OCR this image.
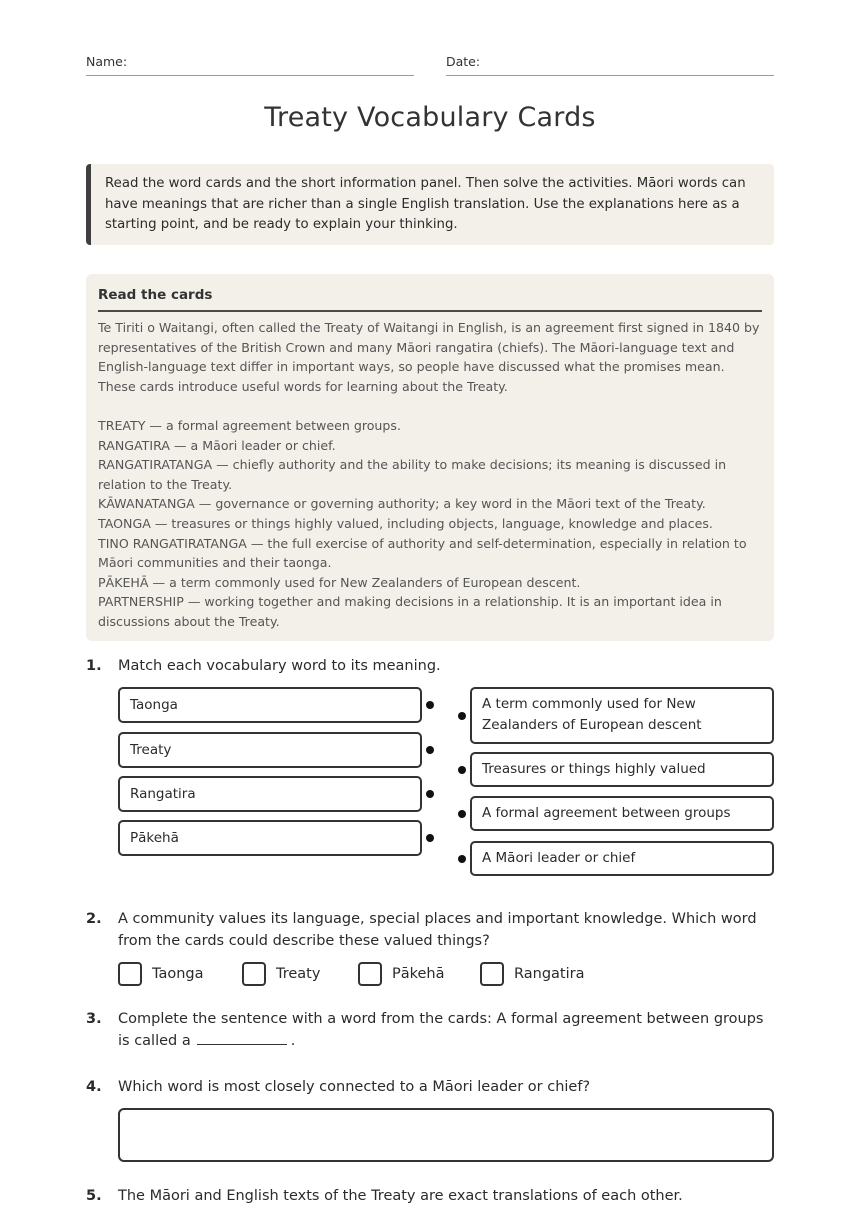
Name:	Date:
Treaty Vocabulary Cards
Read the word cards and the short information panel. Then solve the activities. Māori words can have meanings that are richer than a single English translation. Use the explanations here as a starting point, and be ready to explain your thinking.
Read the cards

Te Tiriti o Waitangi, often called the Treaty of Waitangi in English, is an agreement first signed in 1840 by representatives of the British Crown and many Māori rangatira (chiefs). The Māori-language text and English-language text differ in important ways, so people have discussed what the promises mean. These cards introduce useful words for learning about the Treaty.

TREATY — a formal agreement between groups.
RANGATIRA — a Māori leader or chief.
RANGATIRATANGA — chiefly authority and the ability to make decisions; its meaning is discussed in relation to the Treaty.
KĀWANATANGA — governance or governing authority; a key word in the Māori text of the Treaty.
TAONGA — treasures or things highly valued, including objects, language, knowledge and places.
TINO RANGATIRATANGA — the full exercise of authority and self-determination, especially in relation to Māori communities and their taonga.
PĀKEHĀ — a term commonly used for New Zealanders of European descent.
PARTNERSHIP — working together and making decisions in a relationship. It is an important idea in discussions about the Treaty.
1. Match each vocabulary word to its meaning.
Taonga
Treaty
Rangatira
Pākehā
A term commonly used for New Zealanders of European descent
Treasures or things highly valued
A formal agreement between groups
A Māori leader or chief
2. A community values its language, special places and important knowledge. Which word from the cards could describe these valued things?
Taonga	Treaty	Pākehā	Rangatira
3. Complete the sentence with a word from the cards: A formal agreement between groups is called a	.
4. Which word is most closely connected to a Māori leader or chief?
5. The Māori and English texts of the Treaty are exact translations of each other.
